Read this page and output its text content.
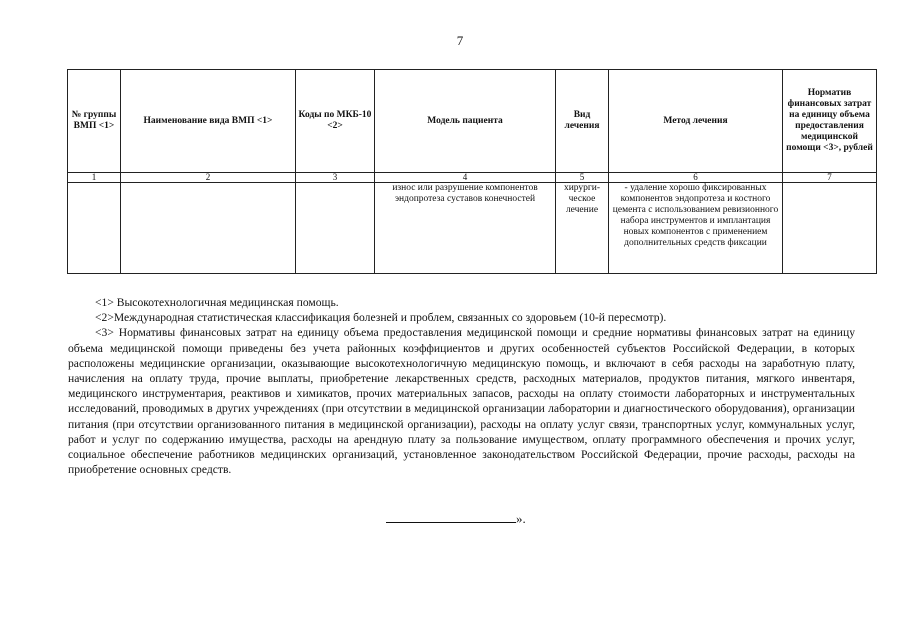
7
№ группы ВМП <1>	Наименование вида ВМП <1>	Коды по МКБ-10 <2>	Модель пациента	Вид лечения	Метод лечения	Норматив финансовых затрат на единицу объема предоставления медицинской помощи <3>, рублей
1	2	3	4	5	6	7
			износ или разрушение компонентов эндопротеза суставов конечностей	хирурги-ческое лечение	- удаление хорошо фиксированных компонентов эндопротеза и костного цемента с использованием ревизионного набора инструментов и имплантация новых компонентов с применением дополнительных средств фиксации	

<1> Высокотехнологичная медицинская помощь.

<2>Международная статистическая классификация болезней и проблем, связанных со здоровьем (10-й пересмотр).

<3> Нормативы финансовых затрат на единицу объема предоставления медицинской помощи и средние нормативы финансовых затрат на единицу объема медицинской помощи приведены без учета районных коэффициентов и других особенностей субъектов Российской Федерации, в которых расположены медицинские организации, оказывающие высокотехнологичную медицинскую помощь, и включают в себя расходы на заработную плату, начисления на оплату труда, прочие выплаты, приобретение лекарственных средств, расходных материалов, продуктов питания, мягкого инвентаря, медицинского инструментария, реактивов и химикатов, прочих материальных запасов, расходы на оплату стоимости лабораторных и инструментальных исследований, проводимых в других учреждениях (при отсутствии в медицинской организации лаборатории и диагностического оборудования), организации питания (при отсутствии организованного питания в медицинской организации), расходы на оплату услуг связи, транспортных услуг, коммунальных услуг, работ и услуг по содержанию имущества, расходы на арендную плату за пользование имуществом, оплату программного обеспечения и прочих услуг, социальное обеспечение работников медицинских организаций, установленное законодательством Российской Федерации, прочие расходы, расходы на приобретение основных средств.

».
